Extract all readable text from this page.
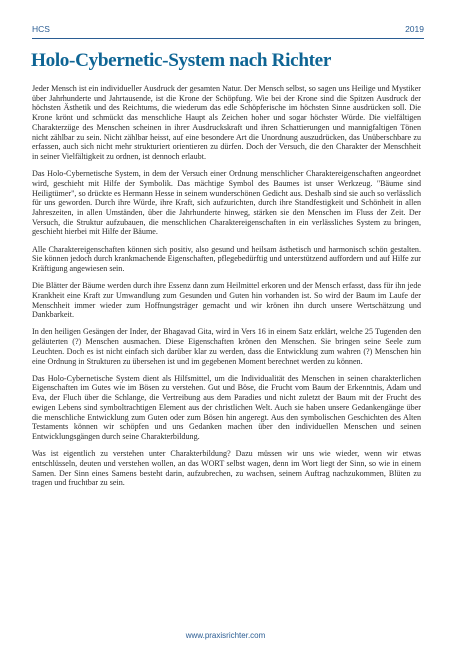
HCS	2019
Holo-Cybernetic-System nach Richter

Jeder Mensch ist ein individueller Ausdruck der gesamten Natur. Der Mensch selbst, so sagen uns Heilige und Mystiker über Jahrhunderte und Jahrtausende, ist die Krone der Schöpfung. Wie bei der Krone sind die Spitzen Ausdruck der höchsten Ästhetik und des Reichtums, die wiederum das edle Schöpferische im höchsten Sinne ausdrücken soll. Die Krone krönt und schmückt das menschliche Haupt als Zeichen hoher und sogar höchster Würde. Die vielfältigen Charakterzüge des Menschen scheinen in ihrer Ausdruckskraft und ihren Schattierungen und mannigfaltigen Tönen nicht zählbar zu sein. Nicht zählbar heisst, auf eine besondere Art die Unordnung auszudrücken, das Unüberschbare zu erfassen, auch sich nicht mehr strukturiert orientieren zu dürfen. Doch der Versuch, die den Charakter der Menschheit in seiner Vielfältigkeit zu ordnen, ist dennoch erlaubt.

Das Holo-Cybernetische System, in dem der Versuch einer Ordnung menschlicher Charaktereigenschaften angeordnet wird, geschieht mit Hilfe der Symbolik. Das mächtige Symbol des Baumes ist unser Werkzeug. "Bäume sind Heiligtümer", so drückte es Hermann Hesse in seinem wunderschönen Gedicht aus. Deshalb sind sie auch so verlässlich für uns geworden. Durch ihre Würde, ihre Kraft, sich aufzurichten, durch ihre Standfestigkeit und Schönheit in allen Jahreszeiten, in allen Umständen, über die Jahrhunderte hinweg, stärken sie den Menschen im Fluss der Zeit. Der Versuch, die Struktur aufzubauen, die menschlichen Charaktereigenschaften in ein verlässliches System zu bringen, geschieht hierbei mit Hilfe der Bäume.

Alle Charaktereigenschaften können sich positiv, also gesund und heilsam ästhetisch und harmonisch schön gestalten. Sie können jedoch durch krankmachende Eigenschaften, pflegebedürftig und unterstützend auffordern und auf Hilfe zur Kräftigung angewiesen sein.

Die Blätter der Bäume werden durch ihre Essenz dann zum Heilmittel erkoren und der Mensch erfasst, dass für ihn jede Krankheit eine Kraft zur Umwandlung zum Gesunden und Guten hin vorhanden ist. So wird der Baum im Laufe der Menschheit immer wieder zum Hoffnungsträger gemacht und wir krönen ihn durch unsere Wertschätzung und Dankbarkeit.

In den heiligen Gesängen der Inder, der Bhagavad Gita, wird in Vers 16 in einem Satz erklärt, welche 25 Tugenden den geläuterten (?) Menschen ausmachen. Diese Eigenschaften krönen den Menschen. Sie bringen seine Seele zum Leuchten. Doch es ist nicht einfach sich darüber klar zu werden, dass die Entwicklung zum wahren (?) Menschen hin eine Ordnung in Strukturen zu übersehen ist und im gegebenen Moment berechnet werden zu können.

Das Holo-Cybernetische System dient als Hilfsmittel, um die Individualität des Menschen in seinen charakterlichen Eigenschaften im Gutes wie im Bösen zu verstehen. Gut und Böse, die Frucht vom Baum der Erkenntnis, Adam und Eva, der Fluch über die Schlange, die Vertreibung aus dem Paradies und nicht zuletzt der Baum mit der Frucht des ewigen Lebens sind symboltrachtigen Element aus der christlichen Welt. Auch sie haben unsere Gedankengänge über die menschliche Entwicklung zum Guten oder zum Bösen hin angeregt. Aus den symbolischen Geschichten des Alten Testaments können wir schöpfen und uns Gedanken machen über den individuellen Menschen und seinen Entwicklungsgängen durch seine Charakterbildung.

Was ist eigentlich zu verstehen unter Charakterbildung? Dazu müssen wir uns wie wieder, wenn wir etwas entschlüsseln, deuten und verstehen wollen, an das WORT selbst wagen, denn im Wort liegt der Sinn, so wie in einem Samen. Der Sinn eines Samens besteht darin, aufzubrechen, zu wachsen, seinem Auftrag nachzukommen, Blüten zu tragen und fruchtbar zu sein.

www.praxisrichter.com
